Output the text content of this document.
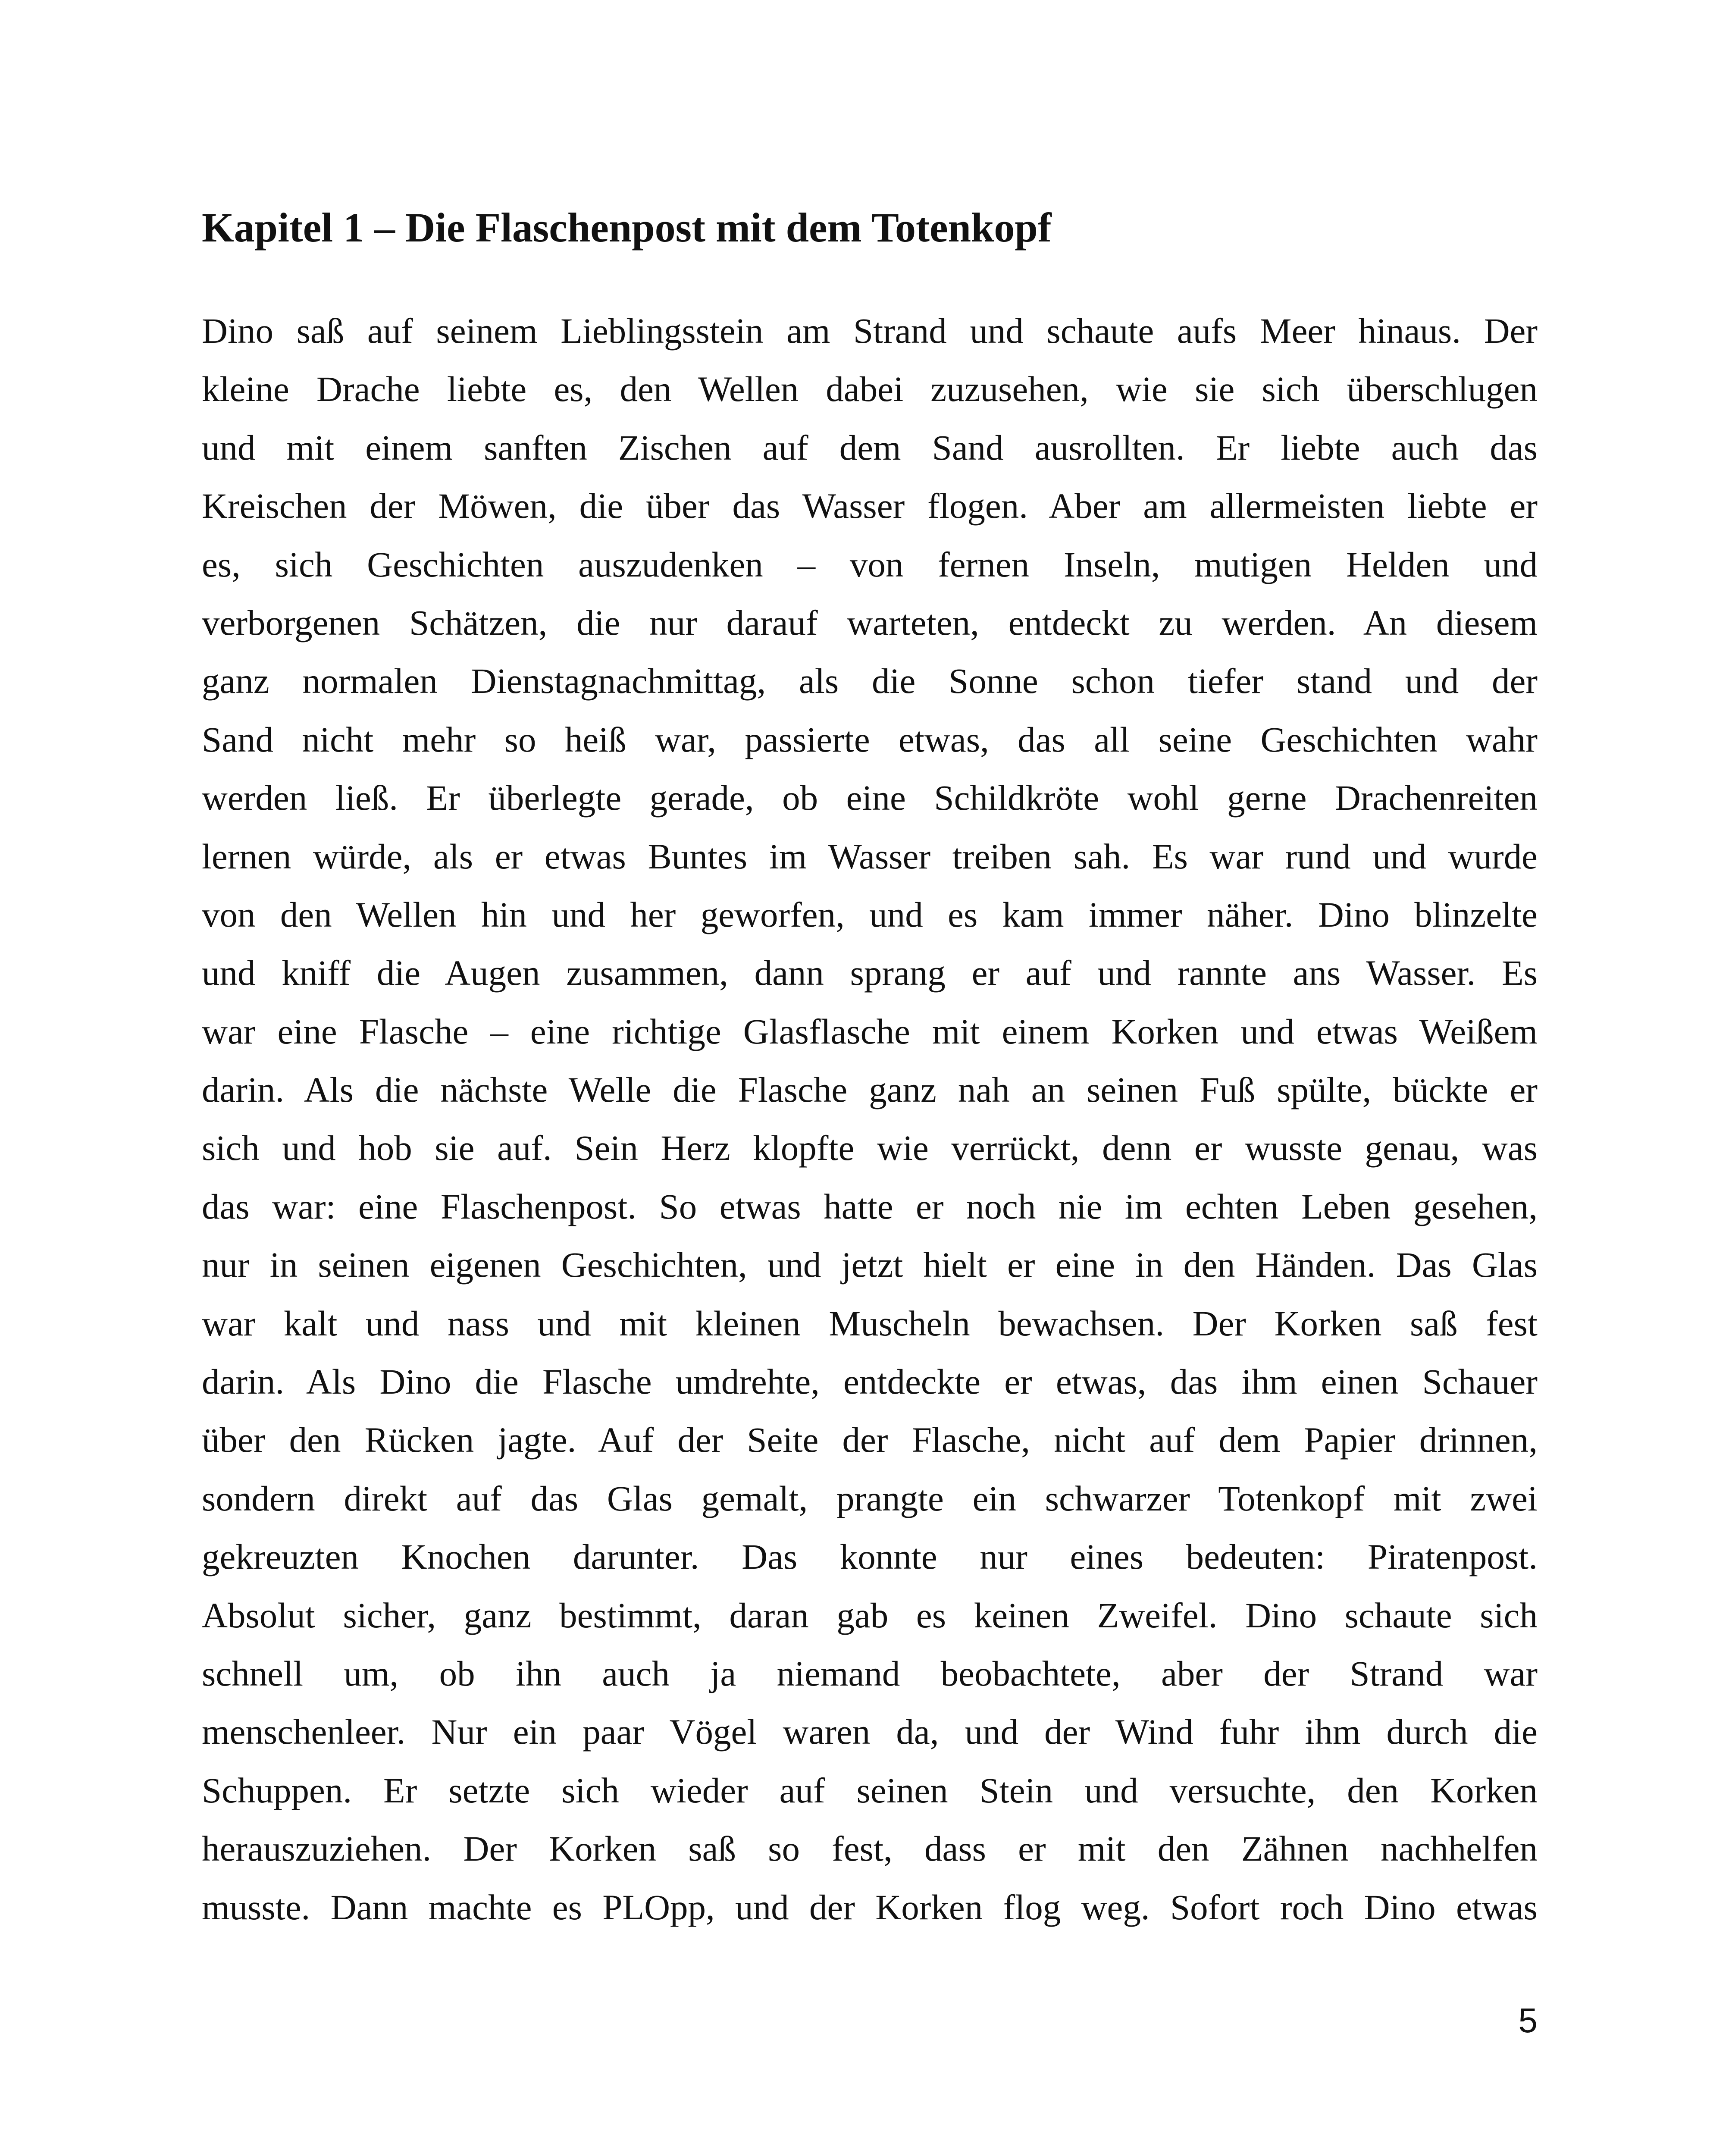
Kapitel 1 – Die Flaschenpost mit dem Totenkopf
Dino saß auf seinem Lieblingsstein am Strand und schaute aufs Meer hinaus. Der
kleine Drache liebte es, den Wellen dabei zuzusehen, wie sie sich überschlugen
und mit einem sanften Zischen auf dem Sand ausrollten. Er liebte auch das
Kreischen der Möwen, die über das Wasser flogen. Aber am allermeisten liebte er
es, sich Geschichten auszudenken – von fernen Inseln, mutigen Helden und
verborgenen Schätzen, die nur darauf warteten, entdeckt zu werden. An diesem
ganz normalen Dienstagnachmittag, als die Sonne schon tiefer stand und der
Sand nicht mehr so heiß war, passierte etwas, das all seine Geschichten wahr
werden ließ. Er überlegte gerade, ob eine Schildkröte wohl gerne Drachenreiten
lernen würde, als er etwas Buntes im Wasser treiben sah. Es war rund und wurde
von den Wellen hin und her geworfen, und es kam immer näher. Dino blinzelte
und kniff die Augen zusammen, dann sprang er auf und rannte ans Wasser. Es
war eine Flasche – eine richtige Glasflasche mit einem Korken und etwas Weißem
darin. Als die nächste Welle die Flasche ganz nah an seinen Fuß spülte, bückte er
sich und hob sie auf. Sein Herz klopfte wie verrückt, denn er wusste genau, was
das war: eine Flaschenpost. So etwas hatte er noch nie im echten Leben gesehen,
nur in seinen eigenen Geschichten, und jetzt hielt er eine in den Händen. Das Glas
war kalt und nass und mit kleinen Muscheln bewachsen. Der Korken saß fest
darin. Als Dino die Flasche umdrehte, entdeckte er etwas, das ihm einen Schauer
über den Rücken jagte. Auf der Seite der Flasche, nicht auf dem Papier drinnen,
sondern direkt auf das Glas gemalt, prangte ein schwarzer Totenkopf mit zwei
gekreuzten Knochen darunter. Das konnte nur eines bedeuten: Piratenpost.
Absolut sicher, ganz bestimmt, daran gab es keinen Zweifel. Dino schaute sich
schnell um, ob ihn auch ja niemand beobachtete, aber der Strand war
menschenleer. Nur ein paar Vögel waren da, und der Wind fuhr ihm durch die
Schuppen. Er setzte sich wieder auf seinen Stein und versuchte, den Korken
herauszuziehen. Der Korken saß so fest, dass er mit den Zähnen nachhelfen
musste. Dann machte es PLOpp, und der Korken flog weg. Sofort roch Dino etwas
5
